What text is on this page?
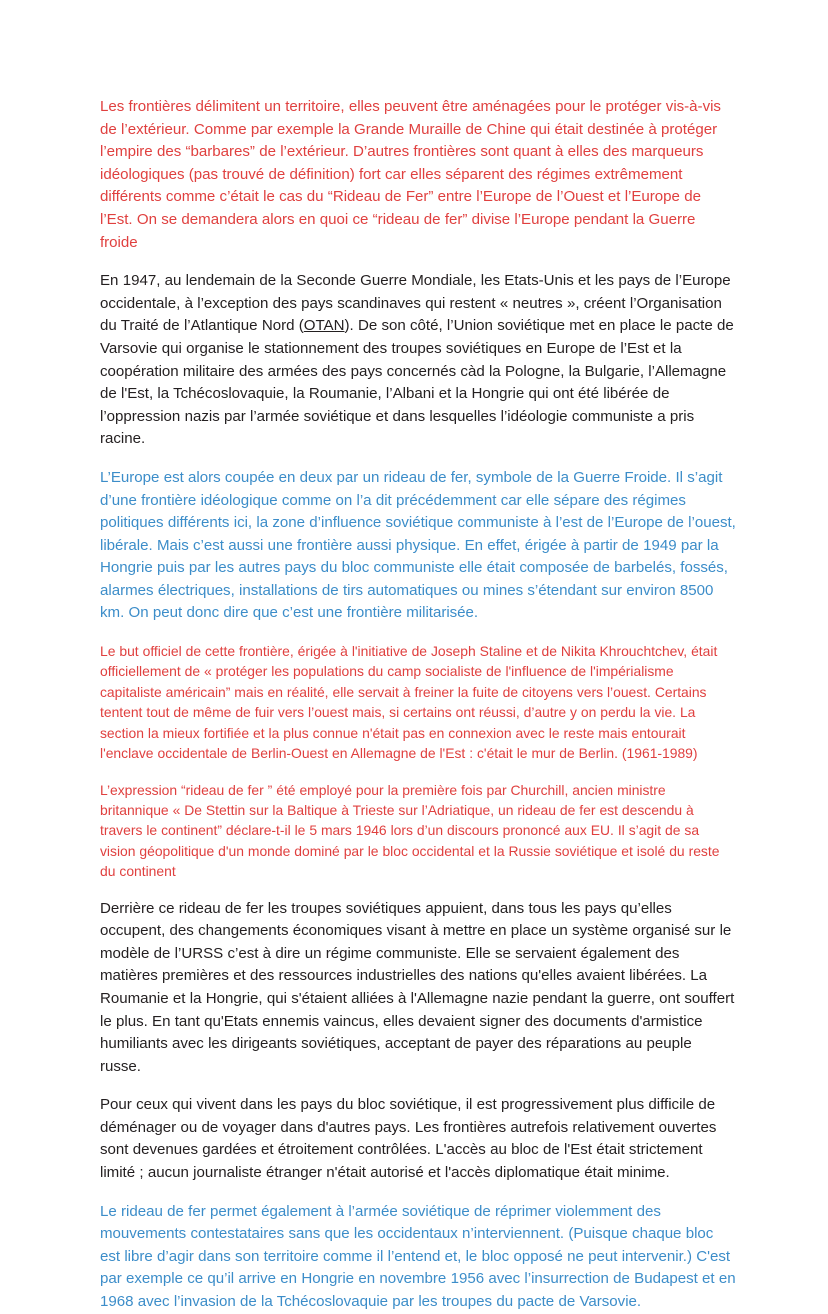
Les frontières délimitent un territoire, elles peuvent être aménagées pour le protéger vis-à-vis de l’extérieur. Comme par exemple la Grande Muraille de Chine qui était destinée à protéger l’empire des “barbares” de l’extérieur. D’autres frontières sont quant à elles des marqueurs idéologiques (pas trouvé de définition) fort car elles séparent des régimes extrêmement différents comme c’était le cas du “Rideau de Fer” entre l’Europe de l’Ouest et l’Europe de l’Est. On se demandera alors en quoi ce “rideau de fer” divise l’Europe pendant la Guerre froide

En 1947, au lendemain de la Seconde Guerre Mondiale, les Etats-Unis et les pays de l’Europe occidentale, à l’exception des pays scandinaves qui restent « neutres », créent l’Organisation du Traité de l’Atlantique Nord (OTAN). De son côté, l’Union soviétique met en place le pacte de Varsovie qui organise le stationnement des troupes soviétiques en Europe de l’Est et la coopération militaire des armées des pays concernés càd la Pologne, la Bulgarie, l’Allemagne de l'Est, la Tchécoslovaquie, la Roumanie, l’Albani et la Hongrie qui ont été libérée de l’oppression nazis par l’armée soviétique et dans lesquelles l’idéologie communiste a pris racine.

L’Europe est alors coupée en deux par un rideau de fer, symbole de la Guerre Froide. Il s’agit d’une frontière idéologique comme on l’a dit précédemment car elle sépare des régimes politiques différents ici, la zone d’influence soviétique communiste à l’est de l’Europe de l’ouest, libérale. Mais c’est aussi une frontière aussi physique. En effet, érigée à partir de 1949 par la Hongrie puis par les autres pays du bloc communiste elle était composée de barbelés, fossés, alarmes électriques, installations de tirs automatiques ou mines s’étendant sur environ 8500 km. On peut donc dire que c’est une frontière militarisée.

Le but officiel de cette frontière, érigée à l'initiative de Joseph Staline et de Nikita Khrouchtchev, était officiellement de « protéger les populations du camp socialiste de l'influence de l'impérialisme capitaliste américain” mais en réalité, elle servait à freiner la fuite de citoyens vers l’ouest. Certains tentent tout de même de fuir vers l’ouest mais, si certains ont réussi, d’autre y on perdu la vie. La section la mieux fortifiée et la plus connue n'était pas en connexion avec le reste mais entourait l'enclave occidentale de Berlin-Ouest en Allemagne de l'Est : c'était le mur de Berlin. (1961-1989)

L’expression “rideau de fer ” été employé pour la première fois par Churchill, ancien ministre britannique « De Stettin sur la Baltique à Trieste sur l’Adriatique, un rideau de fer est descendu à travers le continent” déclare-t-il le 5 mars 1946 lors d’un discours prononcé aux EU. Il s’agit de sa vision géopolitique d'un monde dominé par le bloc occidental et la Russie soviétique et isolé du reste du continent

Derrière ce rideau de fer les troupes soviétiques appuient, dans tous les pays qu’elles occupent, des changements économiques visant à mettre en place un système organisé sur le modèle de l’URSS c’est à dire un régime communiste. Elle se servaient également des matières premières et des ressources industrielles des nations qu'elles avaient libérées. La Roumanie et la Hongrie, qui s'étaient alliées à l'Allemagne nazie pendant la guerre, ont souffert le plus. En tant qu'Etats ennemis vaincus, elles devaient signer des documents d'armistice humiliants avec les dirigeants soviétiques, acceptant de payer des réparations au peuple russe.

Pour ceux qui vivent dans les pays du bloc soviétique, il est progressivement plus difficile de déménager ou de voyager dans d'autres pays. Les frontières autrefois relativement ouvertes sont devenues gardées et étroitement contrôlées. L'accès au bloc de l'Est était strictement limité ; aucun journaliste étranger n'était autorisé et l'accès diplomatique était minime.

Le rideau de fer permet également à l’armée soviétique de réprimer violemment des mouvements contestataires sans que les occidentaux n’interviennent. (Puisque chaque bloc est libre d’agir dans son territoire comme il l’entend et, le bloc opposé ne peut intervenir.) C'est par exemple ce qu’il arrive en Hongrie en novembre 1956 avec l’insurrection de Budapest et en 1968 avec l’invasion de la Tchécoslovaquie par les troupes du pacte de Varsovie.
